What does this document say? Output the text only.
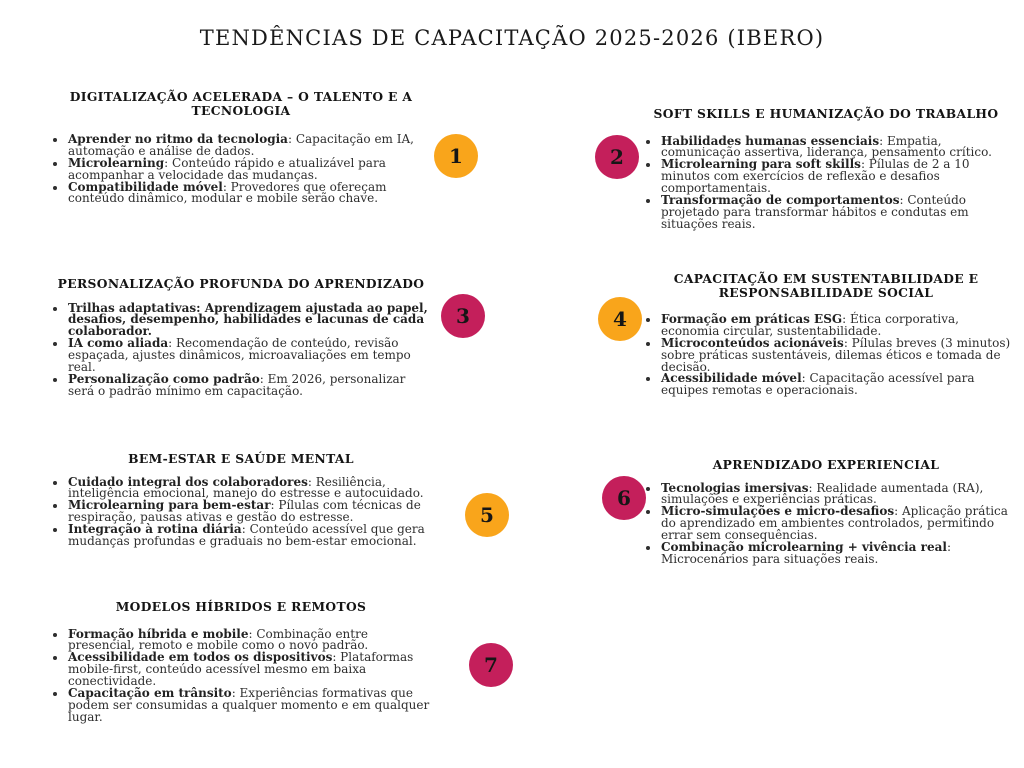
TENDÊNCIAS DE CAPACITAÇÃO 2025-2026 (IBERO)
DIGITALIZAÇÃO ACELERADA – O TALENTO E A TECNOLOGIA
• Aprender no ritmo da tecnologia: Capacitação em IA, automação e análise de dados.
• Microlearning: Conteúdo rápido e atualizável para acompanhar a velocidade das mudanças.
• Compatibilidade móvel: Provedores que ofereçam conteúdo dinâmico, modular e mobile serão chave.
SOFT SKILLS E HUMANIZAÇÃO DO TRABALHO
• Habilidades humanas essenciais: Empatia, comunicação assertiva, liderança, pensamento crítico.
• Microlearning para soft skills: Pílulas de 2 a 10 minutos com exercícios de reflexão e desafios comportamentais.
• Transformação de comportamentos: Conteúdo projetado para transformar hábitos e condutas em situações reais.
PERSONALIZAÇÃO PROFUNDA DO APRENDIZADO
• Trilhas adaptativas: Aprendizagem ajustada ao papel, desafios, desempenho, habilidades e lacunas de cada colaborador.
• IA como aliada: Recomendação de conteúdo, revisão espaçada, ajustes dinâmicos, microavaliações em tempo real.
• Personalização como padrão: Em 2026, personalizar será o padrão mínimo em capacitação.
CAPACITAÇÃO EM SUSTENTABILIDADE E RESPONSABILIDADE SOCIAL
• Formação em práticas ESG: Ética corporativa, economia circular, sustentabilidade.
• Microconteúdos acionáveis: Pílulas breves (3 minutos) sobre práticas sustentáveis, dilemas éticos e tomada de decisão.
• Acessibilidade móvel: Capacitação acessível para equipes remotas e operacionais.
BEM-ESTAR E SAÚDE MENTAL
• Cuidado integral dos colaboradores: Resiliência, inteligência emocional, manejo do estresse e autocuidado.
• Microlearning para bem-estar: Pílulas com técnicas de respiração, pausas ativas e gestão do estresse.
• Integração à rotina diária: Conteúdo acessível que gera mudanças profundas e graduais no bem-estar emocional.
APRENDIZADO EXPERIENCIAL
• Tecnologias imersivas: Realidade aumentada (RA), simulações e experiências práticas.
• Micro-simulações e micro-desafios: Aplicação prática do aprendizado em ambientes controlados, permitindo errar sem consequências.
• Combinação microlearning + vivência real: Microcenários para situações reais.
MODELOS HÍBRIDOS E REMOTOS
• Formação híbrida e mobile: Combinação entre presencial, remoto e mobile como o novo padrão.
• Acessibilidade em todos os dispositivos: Plataformas mobile-first, conteúdo acessível mesmo em baixa conectividade.
• Capacitação em trânsito: Experiências formativas que podem ser consumidas a qualquer momento e em qualquer lugar.
1	2
3	4
5
6
7
